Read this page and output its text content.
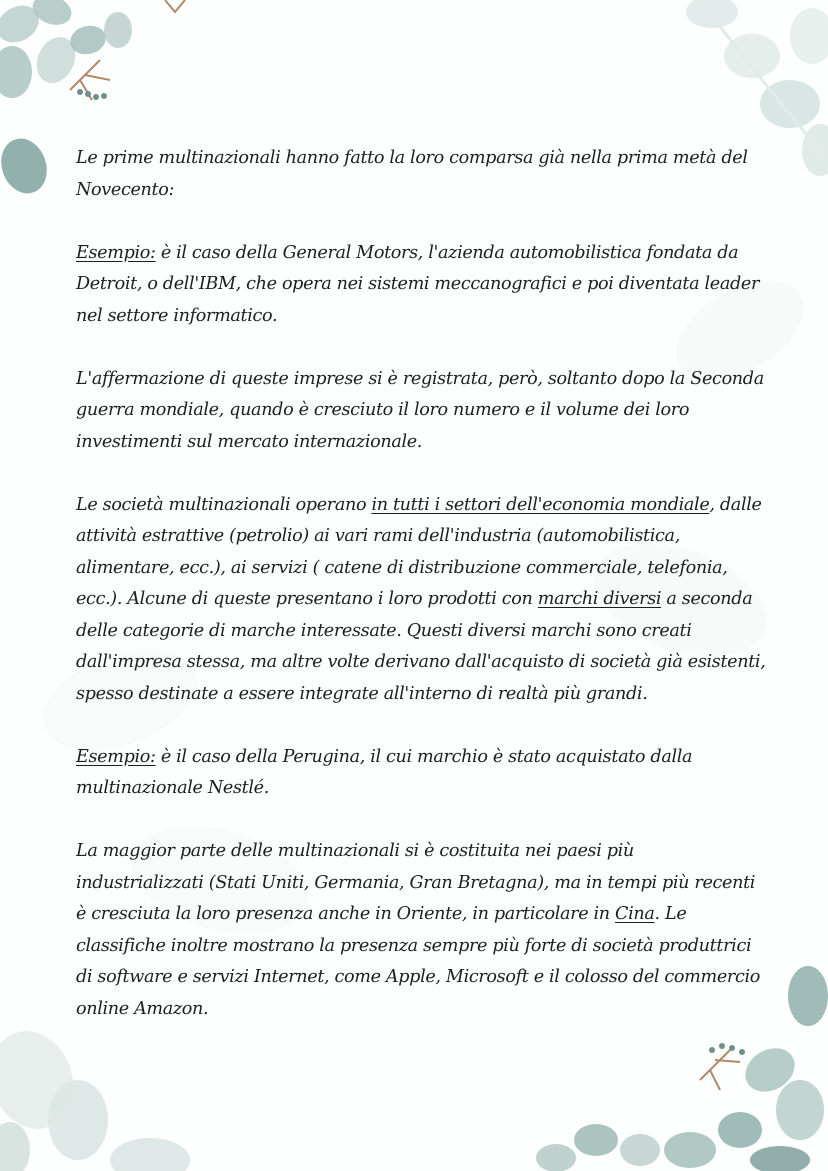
Le prime multinazionali hanno fatto la loro comparsa già nella prima metà del Novecento:

Esempio: è il caso della General Motors, l'azienda automobilistica fondata da Detroit, o dell'IBM, che opera nei sistemi meccanografici e poi diventata leader nel settore informatico.

L'affermazione di queste imprese si è registrata, però, soltanto dopo la Seconda guerra mondiale, quando è cresciuto il loro numero e il volume dei loro investimenti sul mercato internazionale.

Le società multinazionali operano in tutti i settori dell'economia mondiale, dalle attività estrattive (petrolio) ai vari rami dell'industria (automobilistica, alimentare, ecc.), ai servizi ( catene di distribuzione commerciale, telefonia, ecc.). Alcune di queste presentano i loro prodotti con marchi diversi a seconda delle categorie di marche interessate. Questi diversi marchi sono creati dall'impresa stessa, ma altre volte derivano dall'acquisto di società già esistenti, spesso destinate a essere integrate all'interno di realtà più grandi.

Esempio: è il caso della Perugina, il cui marchio è stato acquistato dalla multinazionale Nestlé.

La maggior parte delle multinazionali si è costituita nei paesi più industrializzati (Stati Uniti, Germania, Gran Bretagna), ma in tempi più recenti è cresciuta la loro presenza anche in Oriente, in particolare in Cina. Le classifiche inoltre mostrano la presenza sempre più forte di società produttrici di software e servizi Internet, come Apple, Microsoft e il colosso del commercio online Amazon.
